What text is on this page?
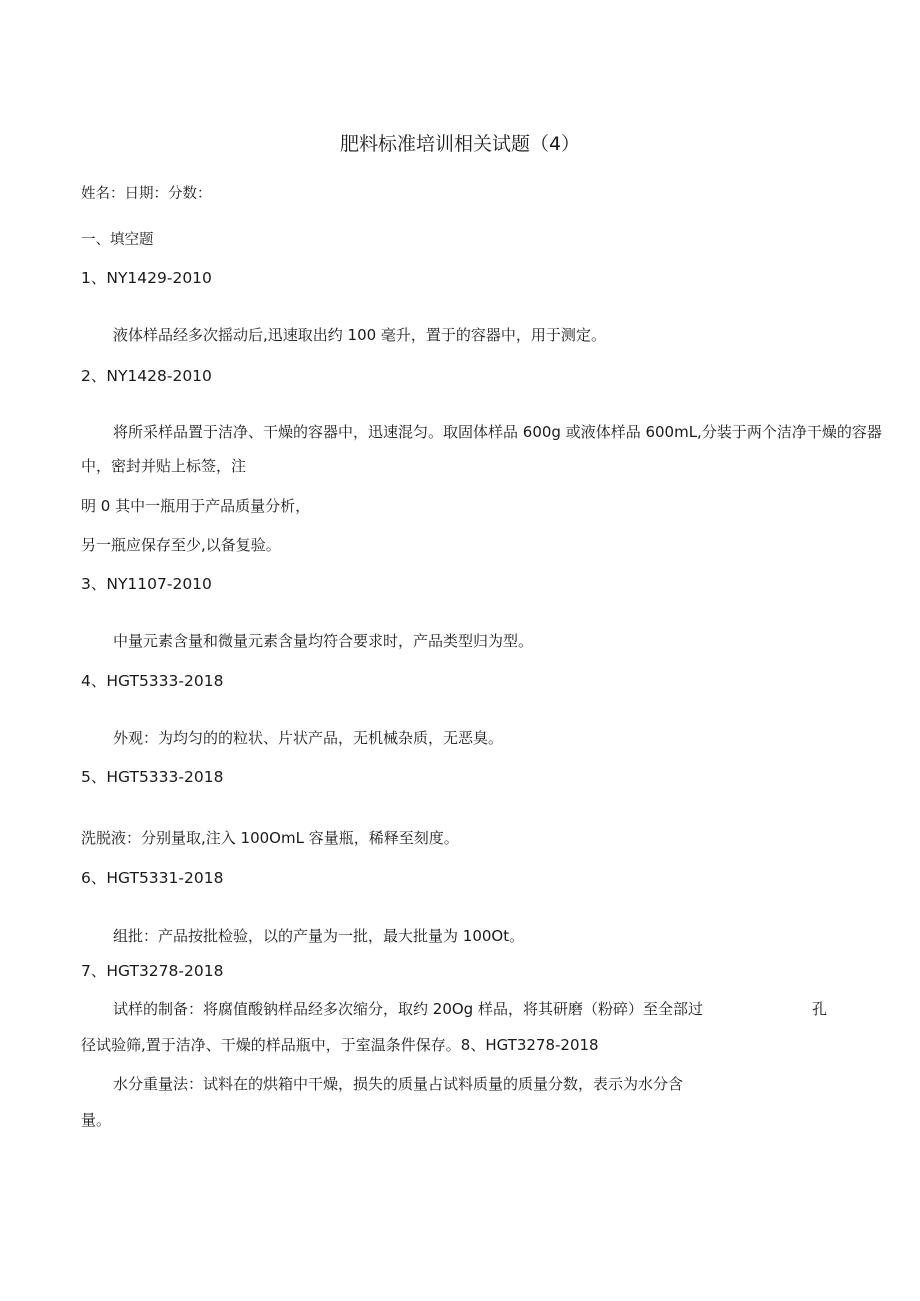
肥料标准培训相关试题（4）
姓名：日期：分数：
一、填空题
1、NY1429-2010
液体样品经多次摇动后,迅速取出约 100 毫升，置于的容器中，用于测定。
2、NY1428-2010
将所采样品置于洁净、干燥的容器中，迅速混匀。取固体样品 600g 或液体样品 600mL,分装于两个洁净干燥的容器
中，密封并贴上标签，注
明 0 其中一瓶用于产品质量分析，
另一瓶应保存至少,以备复验。
3、NY1107-2010
中量元素含量和微量元素含量均符合要求时，产品类型归为型。
4、HGT5333-2018
外观：为均匀的的粒状、片状产品，无机械杂质，无恶臭。
5、HGT5333-2018
洗脱液：分别量取,注入 100OmL 容量瓶，稀释至刻度。
6、HGT5331-2018
组批：产品按批检验，以的产量为一批，最大批量为 100Ot。
7、HGT3278-2018
试样的制备：将腐值酸钠样品经多次缩分，取约 20Og 样品，将其研磨（粉碎）至全部过	孔
径试验筛,置于洁净、干燥的样品瓶中，于室温条件保存。8、HGT3278-2018
水分重量法：试料在的烘箱中干燥，损失的质量占试料质量的质量分数，表示为水分含
量。
